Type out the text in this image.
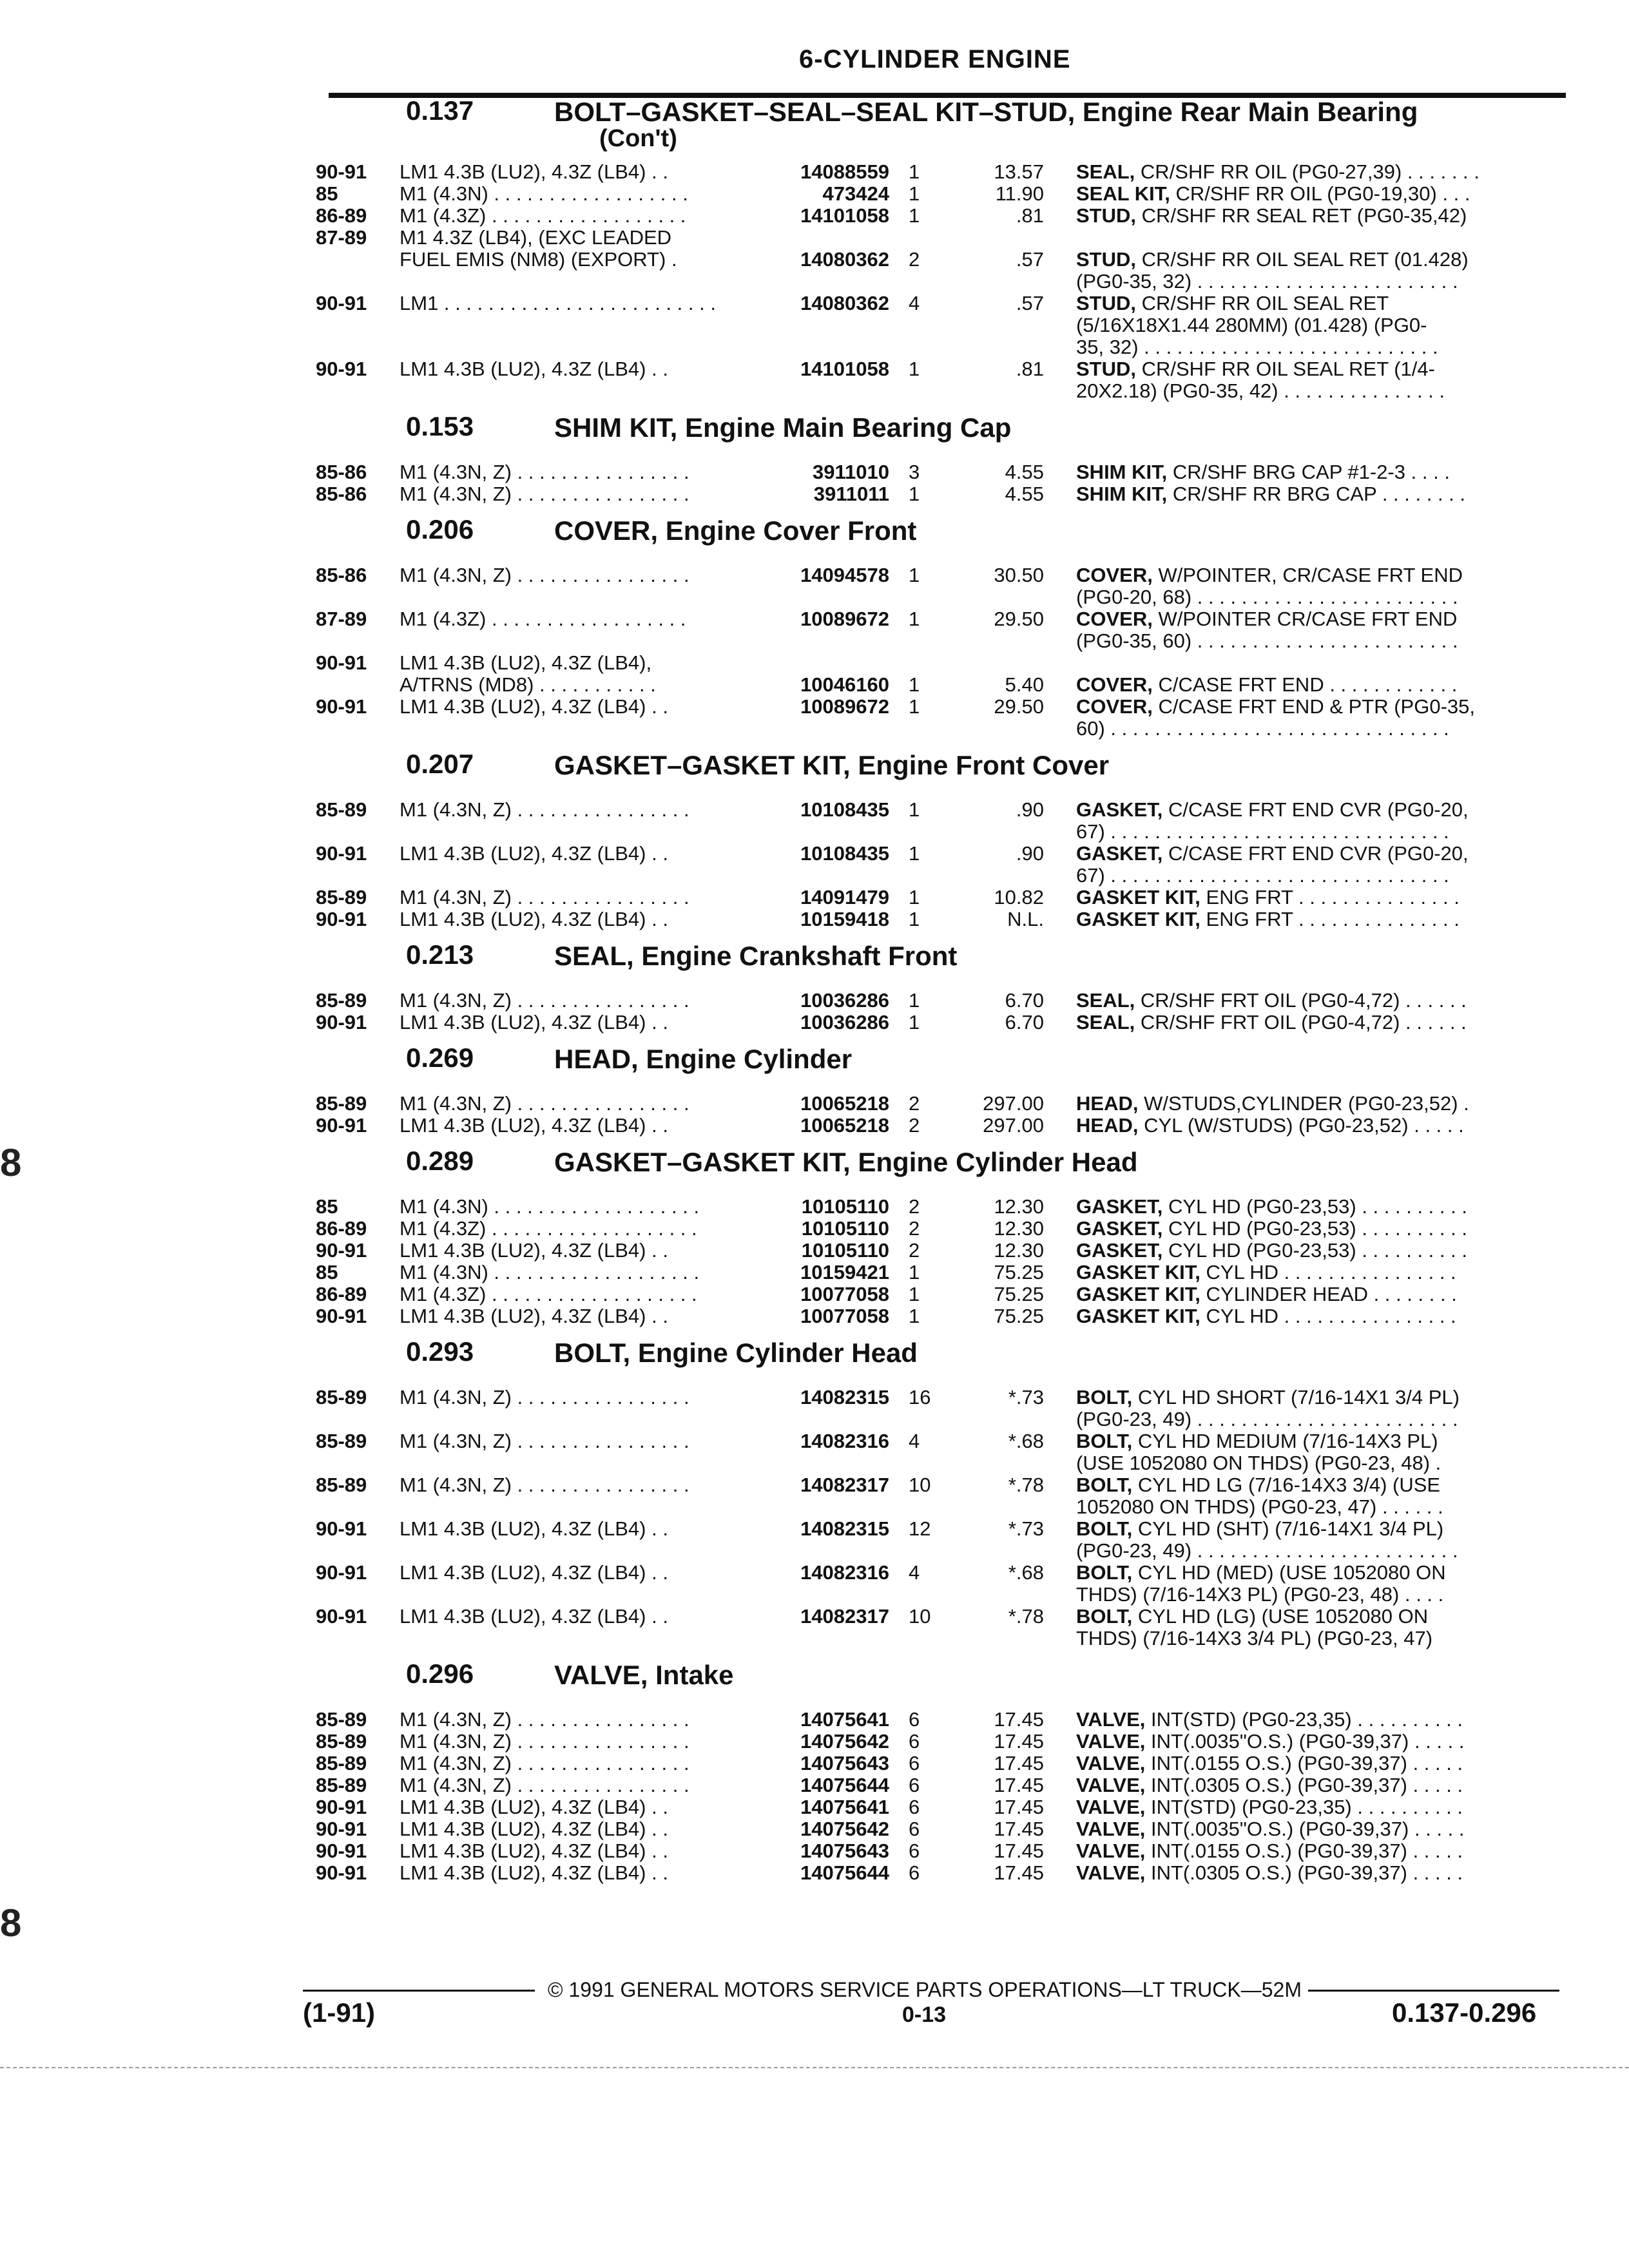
6-CYLINDER ENGINE
0.137	BOLT–GASKET–SEAL–SEAL KIT–STUD, Engine Rear Main Bearing
(Con't)
90-91	LM1 4.3B (LU2), 4.3Z (LB4) . .	14088559 1	13.57 SEAL, CR/SHF RR OIL (PG0-27,39) . . . . . . .
85	M1 (4.3N) . . . . . . . . . . . . . . . . . .	473424 1	11.90 SEAL KIT, CR/SHF RR OIL (PG0-19,30) . . .
86-89	M1 (4.3Z) . . . . . . . . . . . . . . . . . .	14101058 1	.81 STUD, CR/SHF RR SEAL RET (PG0-35,42)
87-89	M1 4.3Z (LB4), (EXC LEADED
FUEL EMIS (NM8) (EXPORT) .	14080362 2	.57 STUD, CR/SHF RR OIL SEAL RET (01.428)
(PG0-35, 32) . . . . . . . . . . . . . . . . . . . . . . . .
90-91	LM1 . . . . . . . . . . . . . . . . . . . . . . . . .	14080362 4	.57 STUD, CR/SHF RR OIL SEAL RET
(5/16X18X1.44 280MM) (01.428) (PG0-
35, 32) . . . . . . . . . . . . . . . . . . . . . . . . . . .
90-91	LM1 4.3B (LU2), 4.3Z (LB4) . .	14101058 1	.81 STUD, CR/SHF RR OIL SEAL RET (1/4-
20X2.18) (PG0-35, 42) . . . . . . . . . . . . . . .
0.153	SHIM KIT, Engine Main Bearing Cap
85-86	M1 (4.3N, Z) . . . . . . . . . . . . . . . .	3911010 3	4.55 SHIM KIT, CR/SHF BRG CAP #1-2-3 . . . .
85-86	M1 (4.3N, Z) . . . . . . . . . . . . . . . .	3911011 1	4.55 SHIM KIT, CR/SHF RR BRG CAP . . . . . . . .
0.206	COVER, Engine Cover Front
85-86	M1 (4.3N, Z) . . . . . . . . . . . . . . . .	14094578 1	30.50 COVER, W/POINTER, CR/CASE FRT END
(PG0-20, 68) . . . . . . . . . . . . . . . . . . . . . . . .
87-89	M1 (4.3Z) . . . . . . . . . . . . . . . . . .	10089672 1	29.50 COVER, W/POINTER CR/CASE FRT END
(PG0-35, 60) . . . . . . . . . . . . . . . . . . . . . . . .
90-91	LM1 4.3B (LU2), 4.3Z (LB4),
A/TRNS (MD8) . . . . . . . . . . .	10046160 1	5.40 COVER, C/CASE FRT END . . . . . . . . . . . .
90-91	LM1 4.3B (LU2), 4.3Z (LB4) . .	10089672 1	29.50 COVER, C/CASE FRT END & PTR (PG0-35,
60) . . . . . . . . . . . . . . . . . . . . . . . . . . . . . . .
0.207	GASKET–GASKET KIT, Engine Front Cover
85-89	M1 (4.3N, Z) . . . . . . . . . . . . . . . .	10108435 1	.90 GASKET, C/CASE FRT END CVR (PG0-20,
67) . . . . . . . . . . . . . . . . . . . . . . . . . . . . . . .
90-91	LM1 4.3B (LU2), 4.3Z (LB4) . .	10108435 1	.90 GASKET, C/CASE FRT END CVR (PG0-20,
67) . . . . . . . . . . . . . . . . . . . . . . . . . . . . . . .
85-89	M1 (4.3N, Z) . . . . . . . . . . . . . . . .	14091479 1	10.82 GASKET KIT, ENG FRT . . . . . . . . . . . . . . .
90-91	LM1 4.3B (LU2), 4.3Z (LB4) . .	10159418 1	N.L. GASKET KIT, ENG FRT . . . . . . . . . . . . . . .
0.213	SEAL, Engine Crankshaft Front
85-89	M1 (4.3N, Z) . . . . . . . . . . . . . . . .	10036286 1	6.70 SEAL, CR/SHF FRT OIL (PG0-4,72) . . . . . .
90-91	LM1 4.3B (LU2), 4.3Z (LB4) . .	10036286 1	6.70 SEAL, CR/SHF FRT OIL (PG0-4,72) . . . . . .
0.269	HEAD, Engine Cylinder
85-89	M1 (4.3N, Z) . . . . . . . . . . . . . . . .	10065218 2	297.00 HEAD, W/STUDS,CYLINDER (PG0-23,52) .
90-91	LM1 4.3B (LU2), 4.3Z (LB4) . .	10065218 2	297.00 HEAD, CYL (W/STUDS) (PG0-23,52) . . . . .
0.289	GASKET–GASKET KIT, Engine Cylinder Head
85	M1 (4.3N) . . . . . . . . . . . . . . . . . . .	10105110 2	12.30 GASKET, CYL HD (PG0-23,53) . . . . . . . . . .
86-89	M1 (4.3Z) . . . . . . . . . . . . . . . . . . .	10105110 2	12.30 GASKET, CYL HD (PG0-23,53) . . . . . . . . . .
90-91	LM1 4.3B (LU2), 4.3Z (LB4) . .	10105110 2	12.30 GASKET, CYL HD (PG0-23,53) . . . . . . . . . .
85	M1 (4.3N) . . . . . . . . . . . . . . . . . . .	10159421 1	75.25 GASKET KIT, CYL HD . . . . . . . . . . . . . . . .
86-89	M1 (4.3Z) . . . . . . . . . . . . . . . . . . .	10077058 1	75.25 GASKET KIT, CYLINDER HEAD . . . . . . . .
90-91	LM1 4.3B (LU2), 4.3Z (LB4) . .	10077058 1	75.25 GASKET KIT, CYL HD . . . . . . . . . . . . . . . .
0.293	BOLT, Engine Cylinder Head
85-89	M1 (4.3N, Z) . . . . . . . . . . . . . . . .	14082315 16	*.73 BOLT, CYL HD SHORT (7/16-14X1 3/4 PL)
(PG0-23, 49) . . . . . . . . . . . . . . . . . . . . . . . .
85-89	M1 (4.3N, Z) . . . . . . . . . . . . . . . .	14082316 4	*.68 BOLT, CYL HD MEDIUM (7/16-14X3 PL)
(USE 1052080 ON THDS) (PG0-23, 48) .
85-89	M1 (4.3N, Z) . . . . . . . . . . . . . . . .	14082317 10	*.78 BOLT, CYL HD LG (7/16-14X3 3/4) (USE
1052080 ON THDS) (PG0-23, 47) . . . . . .
90-91	LM1 4.3B (LU2), 4.3Z (LB4) . .	14082315 12	*.73 BOLT, CYL HD (SHT) (7/16-14X1 3/4 PL)
(PG0-23, 49) . . . . . . . . . . . . . . . . . . . . . . . .
90-91	LM1 4.3B (LU2), 4.3Z (LB4) . .	14082316 4	*.68 BOLT, CYL HD (MED) (USE 1052080 ON
THDS) (7/16-14X3 PL) (PG0-23, 48) . . . .
90-91	LM1 4.3B (LU2), 4.3Z (LB4) . .	14082317 10	*.78 BOLT, CYL HD (LG) (USE 1052080 ON
THDS) (7/16-14X3 3/4 PL) (PG0-23, 47)
0.296	VALVE, Intake
85-89	M1 (4.3N, Z) . . . . . . . . . . . . . . . .	14075641 6	17.45 VALVE, INT(STD) (PG0-23,35) . . . . . . . . . .
85-89	M1 (4.3N, Z) . . . . . . . . . . . . . . . .	14075642 6	17.45 VALVE, INT(.0035"O.S.) (PG0-39,37) . . . . .
85-89	M1 (4.3N, Z) . . . . . . . . . . . . . . . .	14075643 6	17.45 VALVE, INT(.0155 O.S.) (PG0-39,37) . . . . .
85-89	M1 (4.3N, Z) . . . . . . . . . . . . . . . .	14075644 6	17.45 VALVE, INT(.0305 O.S.) (PG0-39,37) . . . . .
90-91	LM1 4.3B (LU2), 4.3Z (LB4) . .	14075641 6	17.45 VALVE, INT(STD) (PG0-23,35) . . . . . . . . . .
90-91	LM1 4.3B (LU2), 4.3Z (LB4) . .	14075642 6	17.45 VALVE, INT(.0035"O.S.) (PG0-39,37) . . . . .
90-91	LM1 4.3B (LU2), 4.3Z (LB4) . .	14075643 6	17.45 VALVE, INT(.0155 O.S.) (PG0-39,37) . . . . .
90-91	LM1 4.3B (LU2), 4.3Z (LB4) . .	14075644 6	17.45 VALVE, INT(.0305 O.S.) (PG0-39,37) . . . . .
8
8
© 1991 GENERAL MOTORS SERVICE PARTS OPERATIONS—LT TRUCK—52M
(1-91)	0-13	0.137-0.296
